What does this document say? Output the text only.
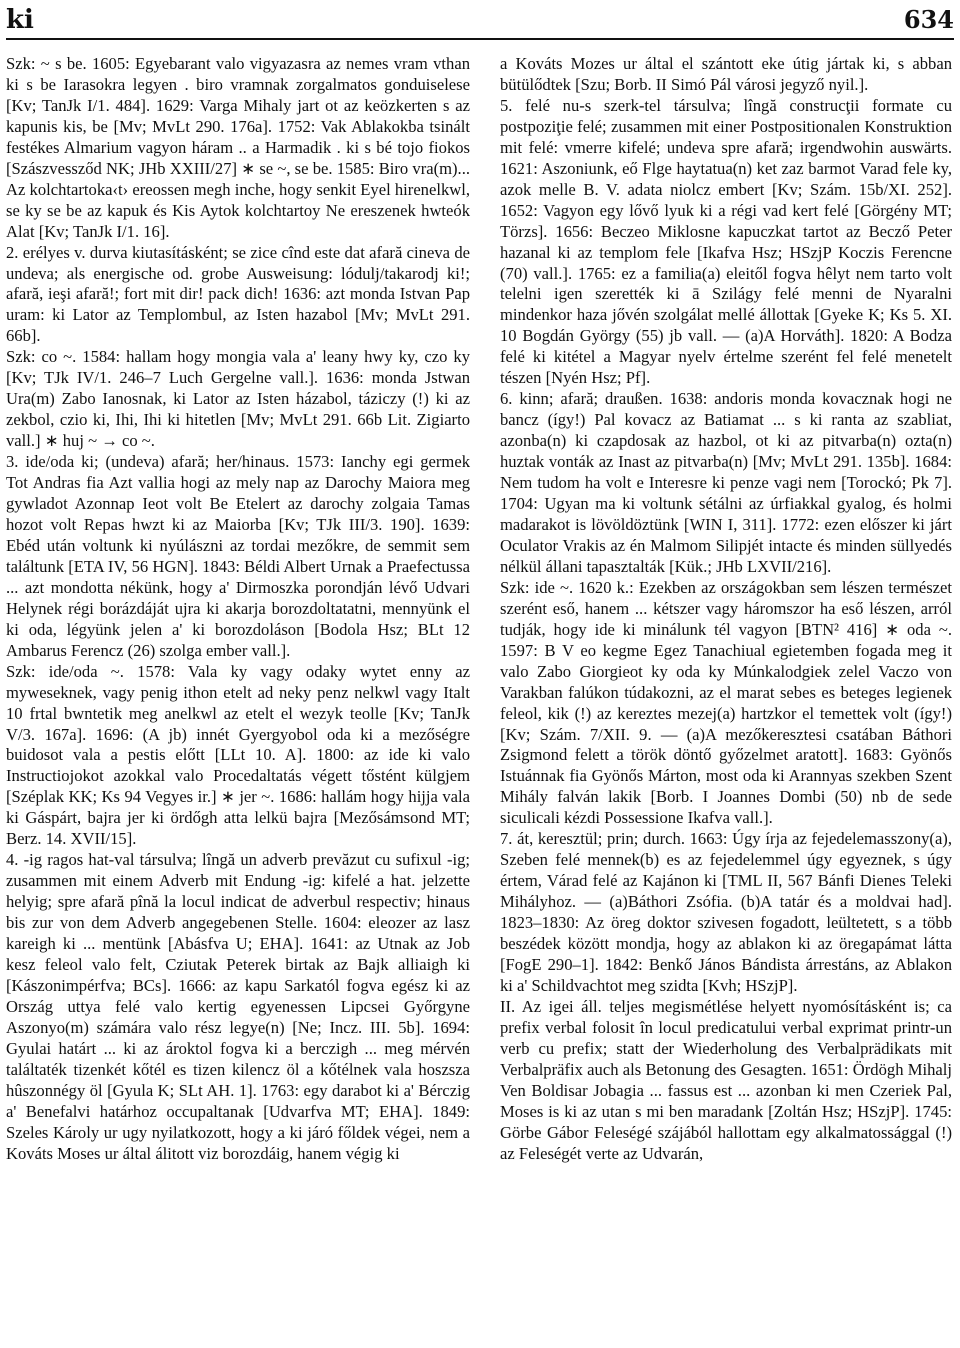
ki	634

Szk: ~ s be. 1605: Egyebarant valo vigyazasra az nemes vram vthan ki s be Iarasokra legyen . biro vramnak zorgalmatos gonduiselese [Kv; TanJk I/1. 484]. 1629: Varga Mihaly jart ot az keözkerten s az kapunis kis, be [Mv; MvLt 290. 176a]. 1752: Vak Ablakokba tsinált festékes Almarium vagyon háram .. a Harmadik . ki s bé tojo fiokos [Szászvessződ NK; JHb XXIII/27] ∗ se ~, se be. 1585: Biro vra(m)... Az kolchtartoka‹t› ereossen megh inche, hogy senkit Eyel hirenelkwl, se ky se be az kapuk és Kis Aytok kolchtartoy Ne ereszenek hwteók Alat [Kv; TanJk I/1. 16].

2. erélyes v. durva kiutasításként; se zice cînd este dat afară cineva de undeva; als energische od. grobe Ausweisung: lódulj/takarodj ki!; afară, ieşi afară!; fort mit dir! pack dich! 1636: azt monda Istvan Pap uram: ki Lator az Templombul, az Isten hazabol [Mv; MvLt 291. 66b].

Szk: co ~. 1584: hallam hogy mongia vala a' leany hwy ky, czo ky [Kv; TJk IV/1. 246–7 Luch Gergelne vall.]. 1636: monda Jstwan Ura(m) Zabo Ianosnak, ki Lator az Isten házabol, táziczy (!) ki az zekbol, czio ki, Ihi, Ihi ki hitetlen [Mv; MvLt 291. 66b Lit. Zigiarto vall.] ∗ huj ~ → co ~.

3. ide/oda ki; (undeva) afară; her/hinaus. 1573: Ianchy egi germek Tot Andras fia Azt vallia hogi az mely nap az Darochy Maiora meg gywladot Azonnap Ieot volt Be Etelert az darochy zolgaia Tamas hozot volt Repas hwzt ki az Maiorba [Kv; TJk III/3. 190]. 1639: Ebéd után voltunk ki nyúlászni az tordai mezőkre, de semmit sem találtunk [ETA IV, 56 HGN]. 1843: Béldi Albert Urnak a Praefectussa ... azt mondotta nékünk, hogy a' Dirmoszka porondján lévő Udvari Helynek régi borázdáját ujra ki akarja borozdoltatatni, mennyünk el ki oda, légyünk jelen a' ki borozdoláson [Bodola Hsz; BLt 12 Ambarus Ferencz (26) szolga ember vall.].

Szk: ide/oda ~. 1578: Vala ky vagy odaky wytet enny az myweseknek, vagy penig ithon etelt ad neky penz nelkwl vagy Italt 10 frtal bwntetik meg anelkwl az etelt el wezyk teolle [Kv; TanJk V/3. 167a]. 1696: (A jb) innét Gyergyobol oda ki a mezőségre buidosot vala a pestis előtt [LLt 10. A]. 1800: az ide ki valo Instructiojokot azokkal valo Procedaltatás végett tőstént külgjem [Széplak KK; Ks 94 Vegyes ir.] ∗ jer ~. 1686: hallám hogy hijja vala ki Gáspárt, bajra jer ki ördőgh atta lelkü bajra [Mezősámsond MT; Berz. 14. XVII/15].

4. -ig ragos hat-val társulva; lîngă un adverb prevăzut cu sufixul -ig; zusammen mit einem Adverb mit Endung -ig: kifelé a hat. jelzette helyig; spre afară pînă la locul indicat de adverbul respectiv; hinaus bis zur von dem Adverb angegebenen Stelle. 1604: eleozer az lasz kareigh ki ... mentünk [Abásfva U; EHA]. 1641: az Utnak az Job kesz feleol valo felt, Cziutak Peterek birtak az Bajk alliaigh ki [Kászonimpérfva; BCs]. 1666: az kapu Sarkatól fogva egész ki az Ország uttya felé valo kertig egyenessen Lipcsei Győrgyne Aszonyo(m) számára valo rész legye(n) [Ne; Incz. III. 5b]. 1694: Gyulai határt ... ki az ároktol fogva ki a berczigh ... meg mérvén találtaték tizenkét kőtél es tizen kilencz öl a kőtélnek vala hoszsza hûszonnégy öl [Gyula K; SLt AH. 1]. 1763: egy darabot ki a' Bérczig a' Benefalvi határhoz occupaltanak [Udvarfva MT; EHA]. 1849: Szeles Károly ur ugy nyilatkozott, hogy a ki járó főldek végei, nem a Kováts Moses ur által álitott viz borozdáig, hanem végig ki

a Kováts Mozes ur által el szántott eke útig jártak ki, s abban bütülődtek [Szu; Borb. II Simó Pál városi jegyző nyil.].

5. felé nu-s szerk-tel társulva; lîngă construcţii formate cu postpoziţie felé; zusammen mit einer Postpositionalen Konstruktion mit felé: vmerre kifelé; undeva spre afară; irgendwohin auswärts. 1621: Aszoniunk, eő Flge haytatua(n) ket zaz barmot Varad fele ky, azok melle B. V. adata niolcz embert [Kv; Szám. 15b/XI. 252]. 1652: Vagyon egy lővő lyuk ki a régi vad kert felé [Görgény MT; Törzs]. 1656: Beczeo Miklosne kapuczkat tartot az Becző Peter hazanal ki az templom fele [Ikafva Hsz; HSzjP Koczis Ferencne (70) vall.]. 1765: ez a familia(a) eleitől fogva hêlyt nem tarto volt telelni igen szerették ki ā Szilágy felé menni de Nyaralni mindenkor haza jővén szolgálat mellé állottak [Gyeke K; Ks 5. XI. 10 Bogdán György (55) jb vall. — (a)A Horváth]. 1820: A Bodza felé ki kitétel a Magyar nyelv értelme szerént fel felé menetelt tészen [Nyén Hsz; Pf].

6. kinn; afară; draußen. 1638: andoris monda kovacznak hogi ne bancz (így!) Pal kovacz az Batiamat ... s ki ranta az szabliat, azonba(n) ki czapdosak az hazbol, ot ki az pitvarba(n) ozta(n) huztak vonták az Inast az pitvarba(n) [Mv; MvLt 291. 135b]. 1684: Nem tudom ha volt e Interesre ki penze vagi nem [Torockó; Pk 7]. 1704: Ugyan ma ki voltunk sétálni az úrfiakkal gyalog, és holmi madarakot is lövöldöztünk [WIN I, 311]. 1772: ezen előszer ki járt Oculator Vrakis az én Malmom Silipjét intacte és minden süllyedés nélkül állani tapasztalták [Kük.; JHb LXVII/216].

Szk: ide ~. 1620 k.: Ezekben az országokban sem lészen természet szerént eső, hanem ... kétszer vagy háromszor ha eső lészen, arról tudják, hogy ide ki minálunk tél vagyon [BTN² 416] ∗ oda ~. 1597: B V eo kegme Egez Tanachiual egietemben fogada meg it valo Zabo Giorgieot ky oda ky Múnkalodgiek zelel Vaczo von Varakban falúkon túdakozni, az el marat sebes es beteges legienek feleol, kik (!) az kereztes mezej(a) hartzkor el temettek volt (így!) [Kv; Szám. 7/XII. 9. — (a)A mezőkeresztesi csatában Báthori Zsigmond felett a török döntő győzelmet aratott]. 1683: Gyönős Istuánnak fia Gyönős Márton, most oda ki Arannyas szekben Szent Mihály falván lakik [Borb. I Joannes Dombi (50) nb de sede siculicali kézdi Possessione Ikafva vall.].

7. át, keresztül; prin; durch. 1663: Úgy írja az fejedelemasszony(a), Szeben felé mennek(b) es az fejedelemmel úgy egyeznek, s úgy értem, Várad felé az Kajánon ki [TML II, 567 Bánfi Dienes Teleki Mihályhoz. — (a)Báthori Zsófia. (b)A tatár és a moldvai had]. 1823–1830: Az öreg doktor szivesen fogadott, leültetett, s a több beszédek között mondja, hogy az ablakon ki az öregapámat látta [FogE 290–1]. 1842: Benkő János Bándista árrestáns, az Ablakon ki a' Schildvachtot meg szidta [Kvh; HSzjP].

II. Az igei áll. teljes megismétlése helyett nyomósításként is; ca prefix verbal folosit în locul predicatului verbal exprimat printr-un verb cu prefix; statt der Wiederholung des Verbalprädikats mit Verbalpräfix auch als Betonung des Gesagten. 1651: Ördögh Mihalj Ven Boldisar Jobagia ... fassus est ... azonban ki men Czeriek Pal, Moses is ki az utan s mi ben maradank [Zoltán Hsz; HSzjP]. 1745: Görbe Gábor Feleségé szájából hallottam egy alkalmatossággal (!) az Feleségét verte az Udvarán,
